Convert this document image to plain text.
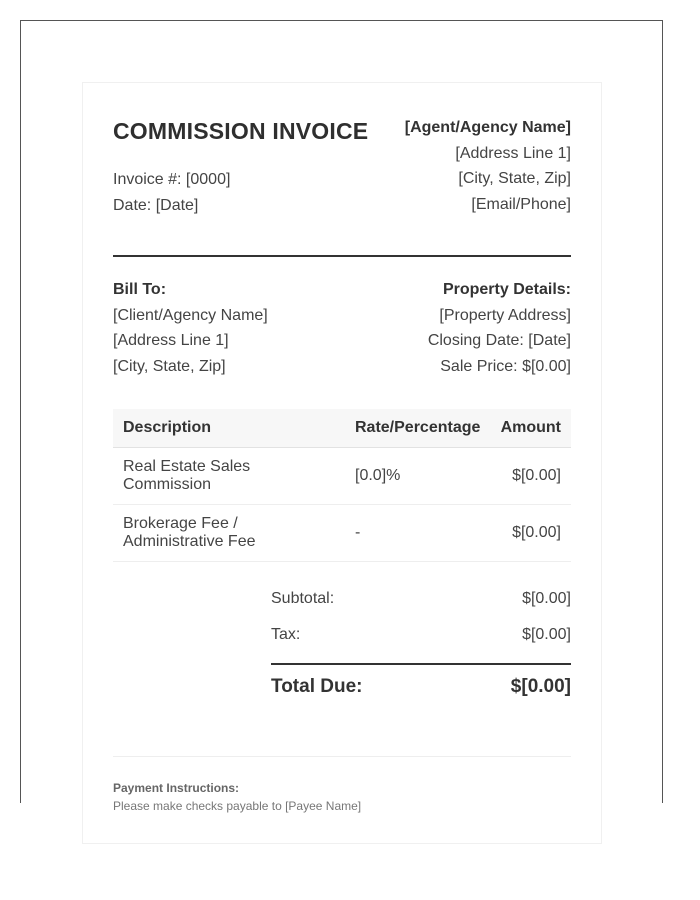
COMMISSION INVOICE
Invoice #: [0000]
Date: [Date]
[Agent/Agency Name]
[Address Line 1]
[City, State, Zip]
[Email/Phone]
Bill To:
[Client/Agency Name]
[Address Line 1]
[City, State, Zip]
Property Details:
[Property Address]
Closing Date: [Date]
Sale Price: $[0.00]
Description	Rate/Percentage	Amount
Real Estate Sales Commission	[0.0]%	$[0.00]
Brokerage Fee / Administrative Fee	-	$[0.00]
Subtotal:	$[0.00]
Tax:	$[0.00]
Total Due:	$[0.00]
Payment Instructions:
Please make checks payable to [Payee Name]
